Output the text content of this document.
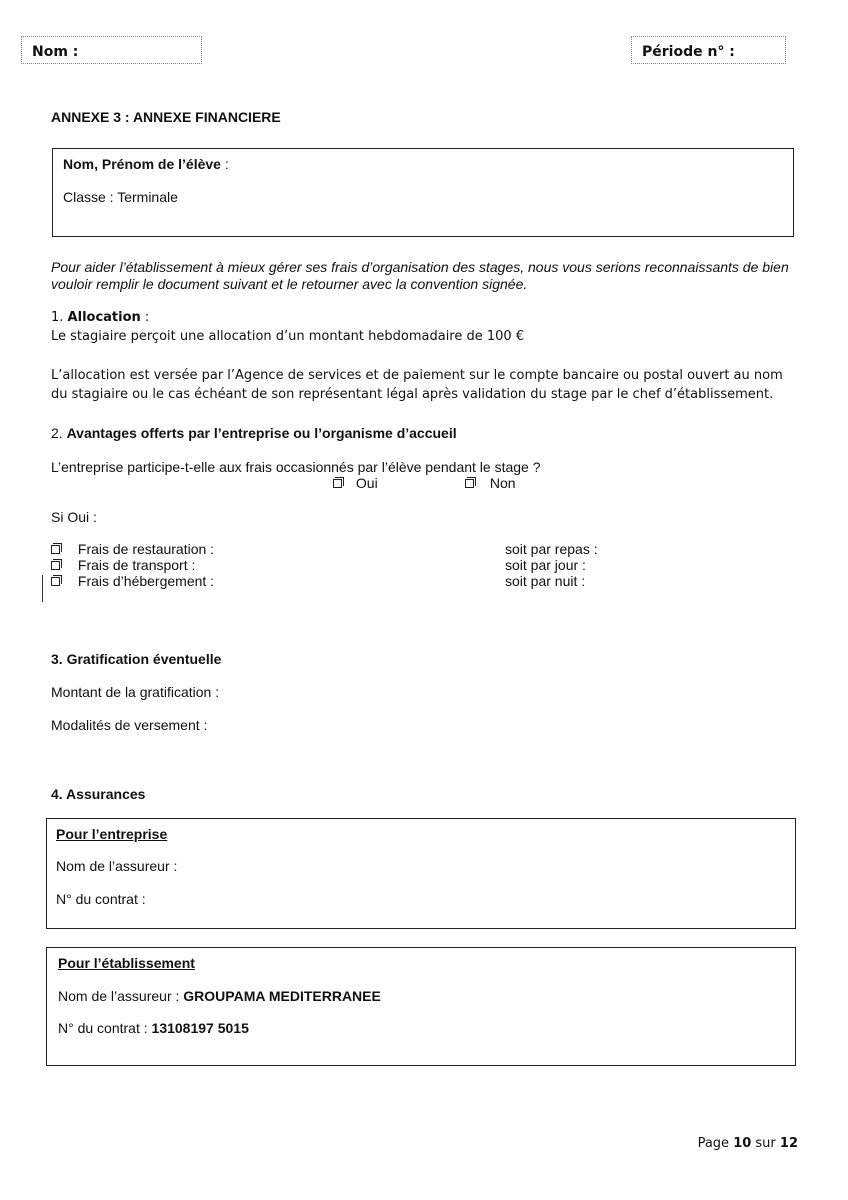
Nom :	Période n° :
ANNEXE 3 : ANNEXE FINANCIERE
Nom, Prénom de l’élève :
Classe : Terminale
Pour aider l’établissement à mieux gérer ses frais d’organisation des stages, nous vous serions reconnaissants de bien vouloir remplir le document suivant et le retourner avec la convention signée.
1. Allocation :
Le stagiaire perçoit une allocation d’un montant hebdomadaire de 100 €
L’allocation est versée par l’Agence de services et de paiement sur le compte bancaire ou postal ouvert au nom du stagiaire ou le cas échéant de son représentant légal après validation du stage par le chef d’établissement.
2. Avantages offerts par l’entreprise ou l’organisme d’accueil
L’entreprise participe-t-elle aux frais occasionnés par l’élève pendant le stage ?
Oui	Non
Si Oui :
Frais de restauration :	soit par repas :
Frais de transport :	soit par jour :
Frais d’hébergement :	soit par nuit :
3. Gratification éventuelle
Montant de la gratification :
Modalités de versement :
4. Assurances
Pour l’entreprise
Nom de l’assureur :
N° du contrat :
Pour l’établissement
Nom de l’assureur : GROUPAMA MEDITERRANEE
N° du contrat : 13108197 5015
Page 10 sur 12
